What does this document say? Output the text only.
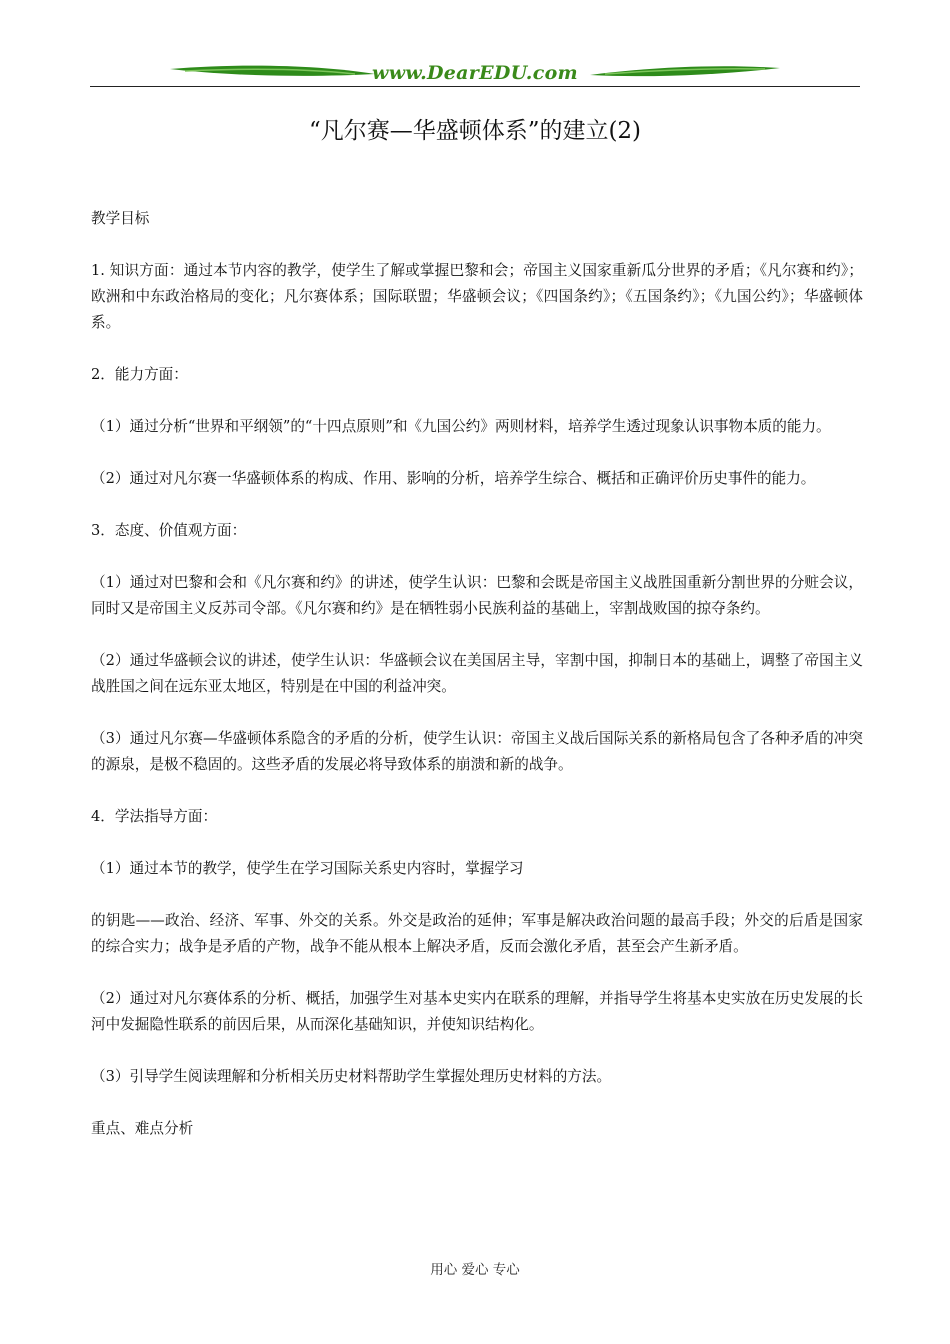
www.DearEDU.com
“凡尔赛—华盛顿体系”的建立(2)

教学目标

1. 知识方面：通过本节内容的教学，使学生了解或掌握巴黎和会；帝国主义国家重新瓜分世界的矛盾；《凡尔赛和约》；欧洲和中东政治格局的变化；凡尔赛体系；国际联盟；华盛顿会议；《四国条约》；《五国条约》；《九国公约》；华盛顿体系。

2．能力方面：

（1）通过分析“世界和平纲领”的“十四点原则”和《九国公约》两则材料，培养学生透过现象认识事物本质的能力。

（2）通过对凡尔赛一华盛顿体系的构成、作用、影响的分析，培养学生综合、概括和正确评价历史事件的能力。

3．态度、价值观方面：

（1）通过对巴黎和会和《凡尔赛和约》的讲述，使学生认识：巴黎和会既是帝国主义战胜国重新分割世界的分赃会议，同时又是帝国主义反苏司令部。《凡尔赛和约》是在牺牲弱小民族利益的基础上，宰割战败国的掠夺条约。

（2）通过华盛顿会议的讲述，使学生认识：华盛顿会议在美国居主导，宰割中国，抑制日本的基础上，调整了帝国主义战胜国之间在远东亚太地区，特别是在中国的利益冲突。

（3）通过凡尔赛—华盛顿体系隐含的矛盾的分析，使学生认识：帝国主义战后国际关系的新格局包含了各种矛盾的冲突的源泉，是极不稳固的。这些矛盾的发展必将导致体系的崩溃和新的战争。

4．学法指导方面：

（1）通过本节的教学，使学生在学习国际关系史内容时，掌握学习

的钥匙——政治、经济、军事、外交的关系。外交是政治的延伸；军事是解决政治问题的最高手段；外交的后盾是国家的综合实力；战争是矛盾的产物，战争不能从根本上解决矛盾，反而会激化矛盾，甚至会产生新矛盾。

（2）通过对凡尔赛体系的分析、概括，加强学生对基本史实内在联系的理解，并指导学生将基本史实放在历史发展的长河中发掘隐性联系的前因后果，从而深化基础知识，并使知识结构化。

（3）引导学生阅读理解和分析相关历史材料帮助学生掌握处理历史材料的方法。

重点、难点分析

用心 爱心 专心
